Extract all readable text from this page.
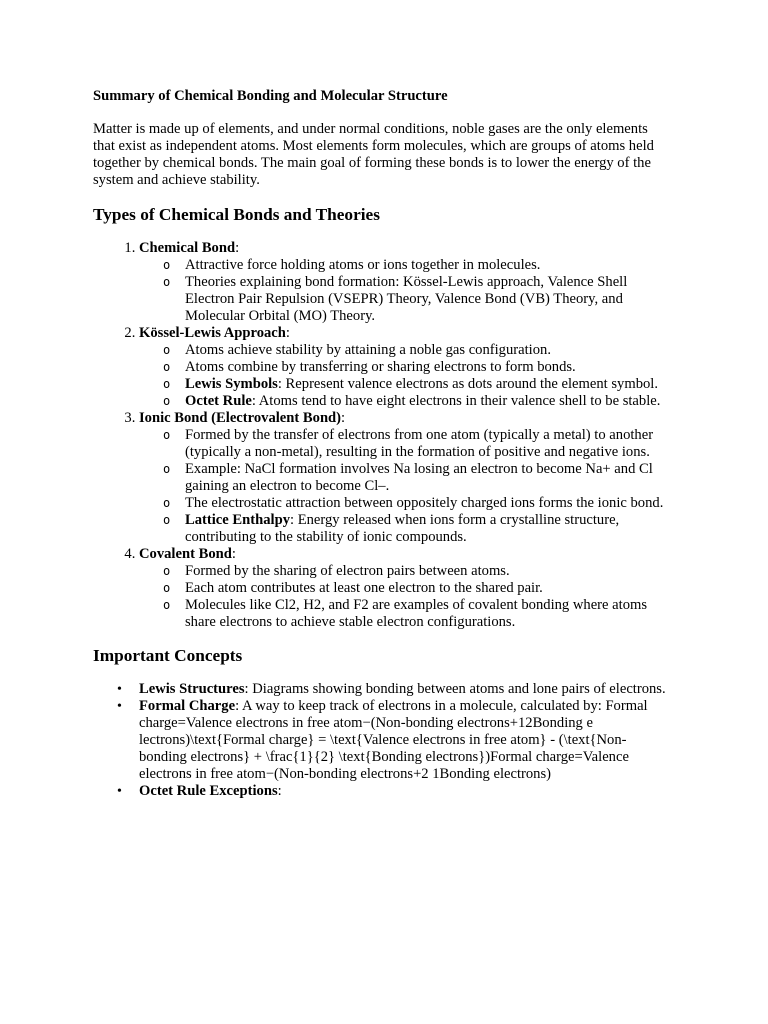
Summary of Chemical Bonding and Molecular Structure

Matter is made up of elements, and under normal conditions, noble gases are the only elements that exist as independent atoms. Most elements form molecules, which are groups of atoms held together by chemical bonds. The main goal of forming these bonds is to lower the energy of the system and achieve stability.

Types of Chemical Bonds and Theories
1. Chemical Bond:
o Attractive force holding atoms or ions together in molecules.
o Theories explaining bond formation: Kössel-Lewis approach, Valence Shell Electron Pair Repulsion (VSEPR) Theory, Valence Bond (VB) Theory, and Molecular Orbital (MO) Theory.
2. Kössel-Lewis Approach:
o Atoms achieve stability by attaining a noble gas configuration.
o Atoms combine by transferring or sharing electrons to form bonds.
o Lewis Symbols: Represent valence electrons as dots around the element symbol.
o Octet Rule: Atoms tend to have eight electrons in their valence shell to be stable.
3. Ionic Bond (Electrovalent Bond):
o Formed by the transfer of electrons from one atom (typically a metal) to another (typically a non-metal), resulting in the formation of positive and negative ions.
o Example: NaCl formation involves Na losing an electron to become Na+ and Cl gaining an electron to become Cl–.
o The electrostatic attraction between oppositely charged ions forms the ionic bond.
o Lattice Enthalpy: Energy released when ions form a crystalline structure, contributing to the stability of ionic compounds.
4. Covalent Bond:
o Formed by the sharing of electron pairs between atoms.
o Each atom contributes at least one electron to the shared pair.
o Molecules like Cl2, H2, and F2 are examples of covalent bonding where atoms share electrons to achieve stable electron configurations.
Important Concepts
• Lewis Structures: Diagrams showing bonding between atoms and lone pairs of electrons.
• Formal Charge: A way to keep track of electrons in a molecule, calculated by: Formal charge=Valence electrons in free atom−(Non-bonding electrons+12Bonding e lectrons)\text{Formal charge} = \text{Valence electrons in free atom} - (\text{Non-bonding electrons} + \frac{1}{2} \text{Bonding electrons})Formal charge=Valence electrons in free atom−(Non-bonding electrons+2 1Bonding electrons)
• Octet Rule Exceptions:
